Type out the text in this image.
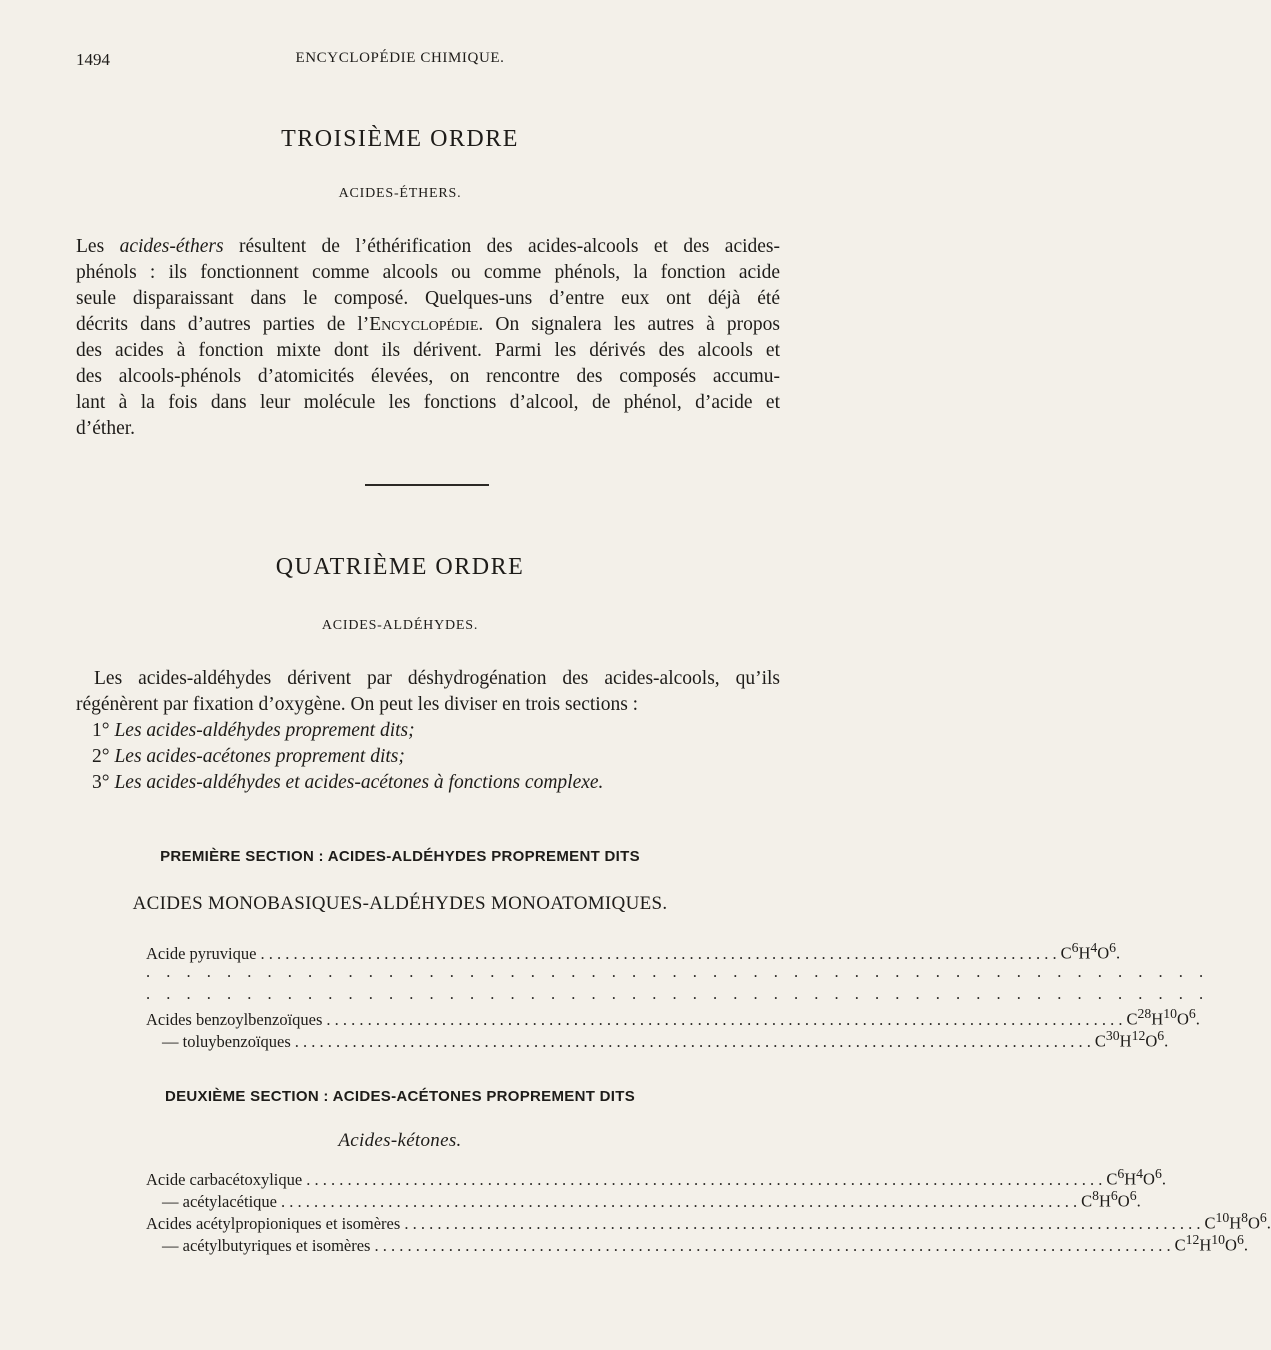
1494	ENCYCLOPÉDIE CHIMIQUE.
TROISIÈME ORDRE
ACIDES-ÉTHERS.
Les acides-éthers résultent de l’éthérification des acides-alcools et des acides-
phénols : ils fonctionnent comme alcools ou comme phénols, la fonction acide
seule disparaissant dans le composé. Quelques-uns d’entre eux ont déjà été
décrits dans d’autres parties de l’Encyclopédie. On signalera les autres à propos
des acides à fonction mixte dont ils dérivent. Parmi les dérivés des alcools et
des alcools-phénols d’atomicités élevées, on rencontre des composés accumu-
lant à la fois dans leur molécule les fonctions d’alcool, de phénol, d’acide et
d’éther.
QUATRIÈME ORDRE
ACIDES-ALDÉHYDES.
Les acides-aldéhydes dérivent par déshydrogénation des acides-alcools, qu’ils
régénèrent par fixation d’oxygène. On peut les diviser en trois sections :
1° Les acides-aldéhydes proprement dits;
2° Les acides-acétones proprement dits;
3° Les acides-aldéhydes et acides-acétones à fonctions complexe.
PREMIÈRE SECTION : ACIDES-ALDÉHYDES PROPREMENT DITS
ACIDES MONOBASIQUES-ALDÉHYDES MONOATOMIQUES.
Acide pyruvique . . .	$C^6H^4O^6$.
. . . . . . . . . . . . . . . . . . . . . . . . . . . . . . . . . . . . . . . . . . . . . . . . . . . . .
. . . . . . . . . . . . . . . . . . . . . . . . . . . . . . . . . . . . . . . . . . . . . . . . . . . . .
Acides benzoylbenzoïques . . .	$C^{28}H^{10}O^6$.
— toluybenzoïques . . .	$C^{30}H^{12}O^6$.
DEUXIÈME SECTION : ACIDES-ACÉTONES PROPREMENT DITS
Acides-kétones.
Acide carbacétoxylique . . .	$C^6H^4O^6$.
— acétylacétique . . .	$C^8H^6O^6$.
Acides acétylpropioniques et isomères . . .	$C^{10}H^8O^6$.
— acétylbutyriques et isomères . . .	$C^{12}H^{10}O^6$.
